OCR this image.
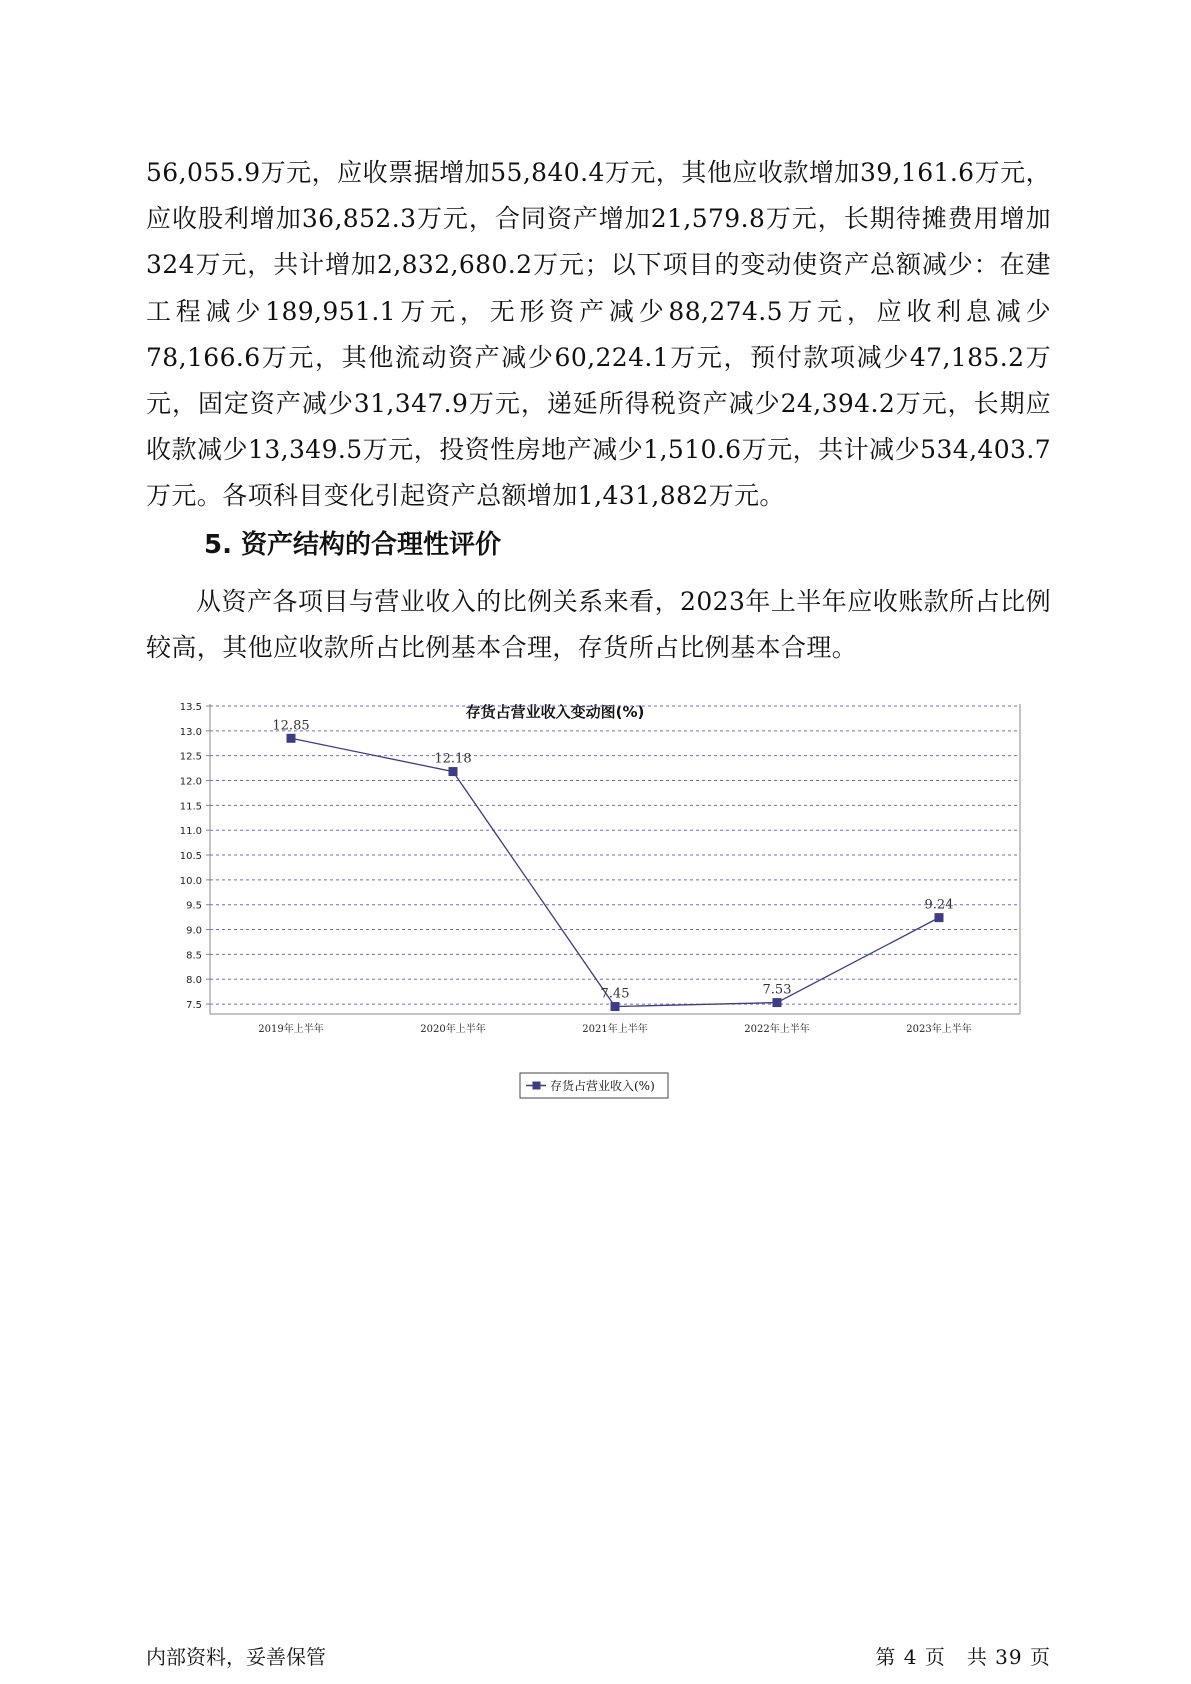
56,055.9万元，应收票据增加55,840.4万元，其他应收款增加39,161.6万元，应收股利增加36,852.3万元，合同资产增加21,579.8万元，长期待摊费用增加324万元，共计增加2,832,680.2万元；以下项目的变动使资产总额减少：在建工程减少189,951.1万元，无形资产减少88,274.5万元，应收利息减少78,166.6万元，其他流动资产减少60,224.1万元，预付款项减少47,185.2万元，固定资产减少31,347.9万元，递延所得税资产减少24,394.2万元，长期应收款减少13,349.5万元，投资性房地产减少1,510.6万元，共计减少534,403.7万元。各项科目变化引起资产总额增加1,431,882万元。

5. 资产结构的合理性评价

从资产各项目与营业收入的比例关系来看，2023年上半年应收账款所占比例较高，其他应收款所占比例基本合理，存货所占比例基本合理。

存货占营业收入变动图(%)
7.5
8.0
8.5
9.0
9.5
10.0
10.5
11.0
11.5
12.0
12.5
13.0
13.5
2019年上半年	2020年上半年	2021年上半年	2022年上半年	2023年上半年
12.85
12.18
7.45	7.53
9.24
存货占营业收入(%)
内部资料，妥善保管	第 4 页　共 39 页
